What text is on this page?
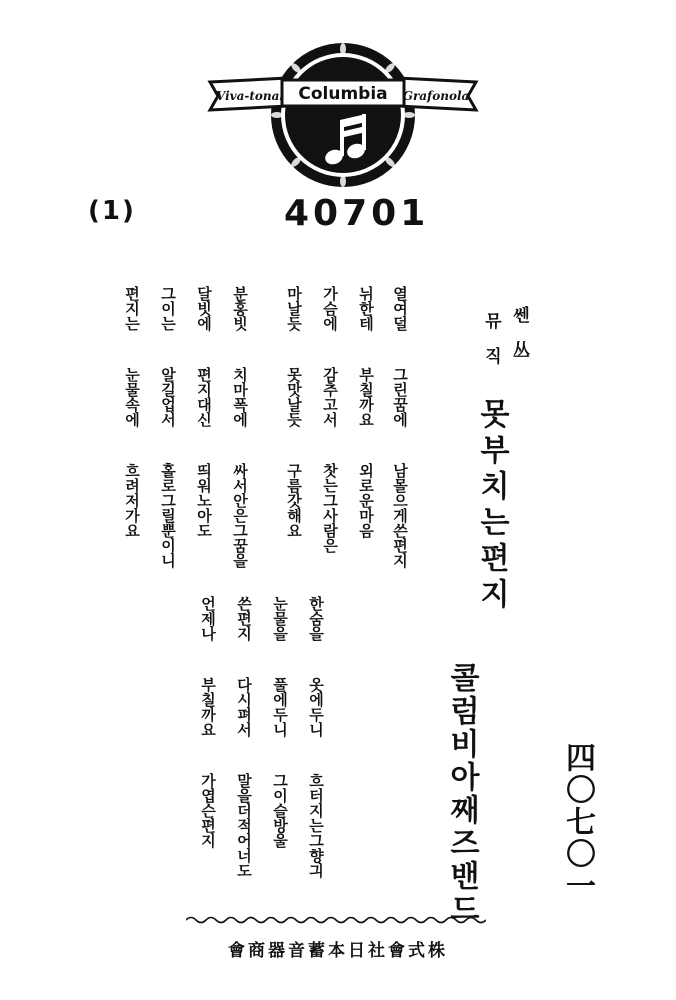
Columbia
Viva-tonal	Grafonola
(1)	40701
쎈丛
뮤직
못부치는편지
콜럼비아째즈밴드	四〇七〇一
열여덜  그린꿈에  남몰으게쓴편지
뉘한테  부칠까요  외로운마음
가슴에  감추고서  찻는그사람은
마날듯  못맛날듯  구름갓해요
분홍빗  치마폭에  싸서안은그꿈을
달빗에  편지대신  띄워노아도
그이는  알길업서  홀로그릴뿐이니
편지는  눈물속에  흐려저가요
한숨을  옷에두니  흐터지는그향긔
눈물을  풀에두니  그이슬방울
쓴편지  다시펴서  말을더적어너도
언제나  부칠까요  가엽슨편지
會商器音蓄本日社會式株
